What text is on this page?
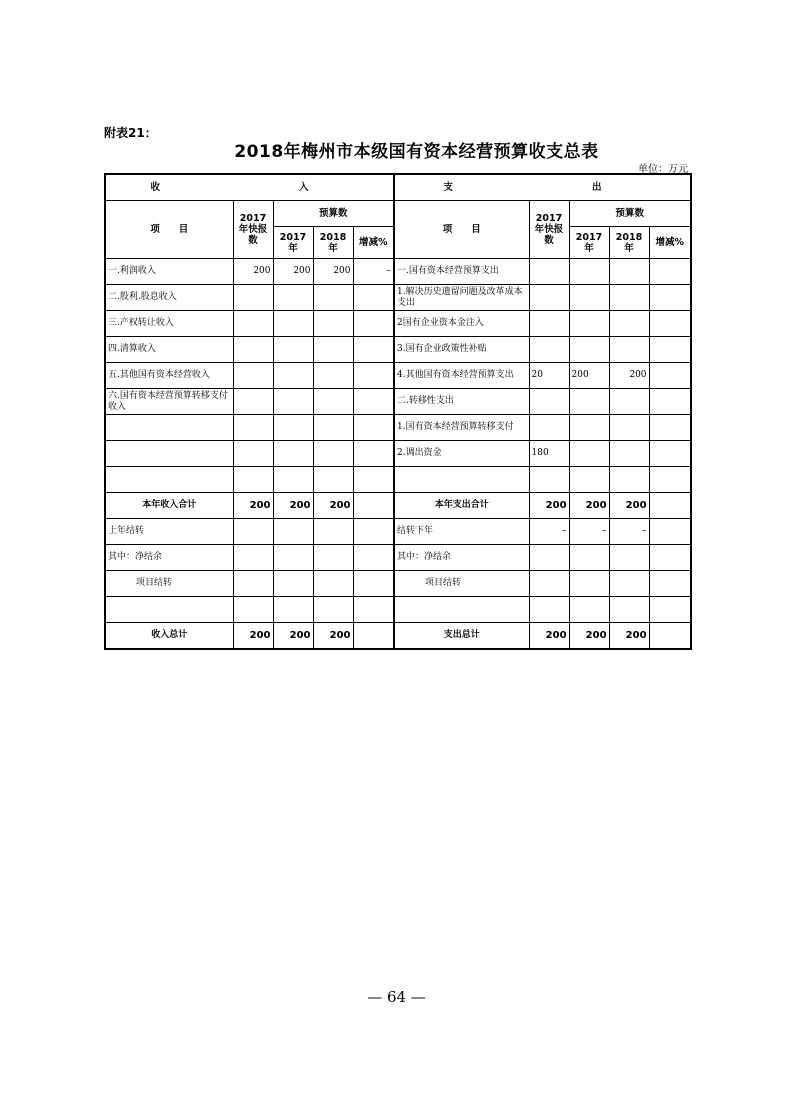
附表21：
2018年梅州市本级国有资本经营预算收支总表
单位：万元
收　　入					支　　出				
项　　目	2017年快报数	预算数			项　　目	2017年快报数	预算数		
		2017年	2018年	增减%			2017年	2018年	增减%
一.利润收入	200	200	200	–	一.国有资本经营预算支出				
二.股利.股息收入					1.解决历史遗留问题及改革成本支出				
三.产权转让收入					2国有企业资本金注入				
四.清算收入					3.国有企业政策性补贴				
五.其他国有资本经营收入					4.其他国有资本经营预算支出	20	200	200	
六.国有资本经营预算转移支付收入					二.转移性支出				
					1.国有资本经营预算转移支付				
					2.调出资金	180			

本年收入合计	200	200	200		本年支出合计	200	200	200	
上年结转					结转下年	–	–	–	
其中：净结余					其中：净结余				
项目结转					项目结转				

收入总计	200	200	200		支出总计	200	200	200	
— 64 —
